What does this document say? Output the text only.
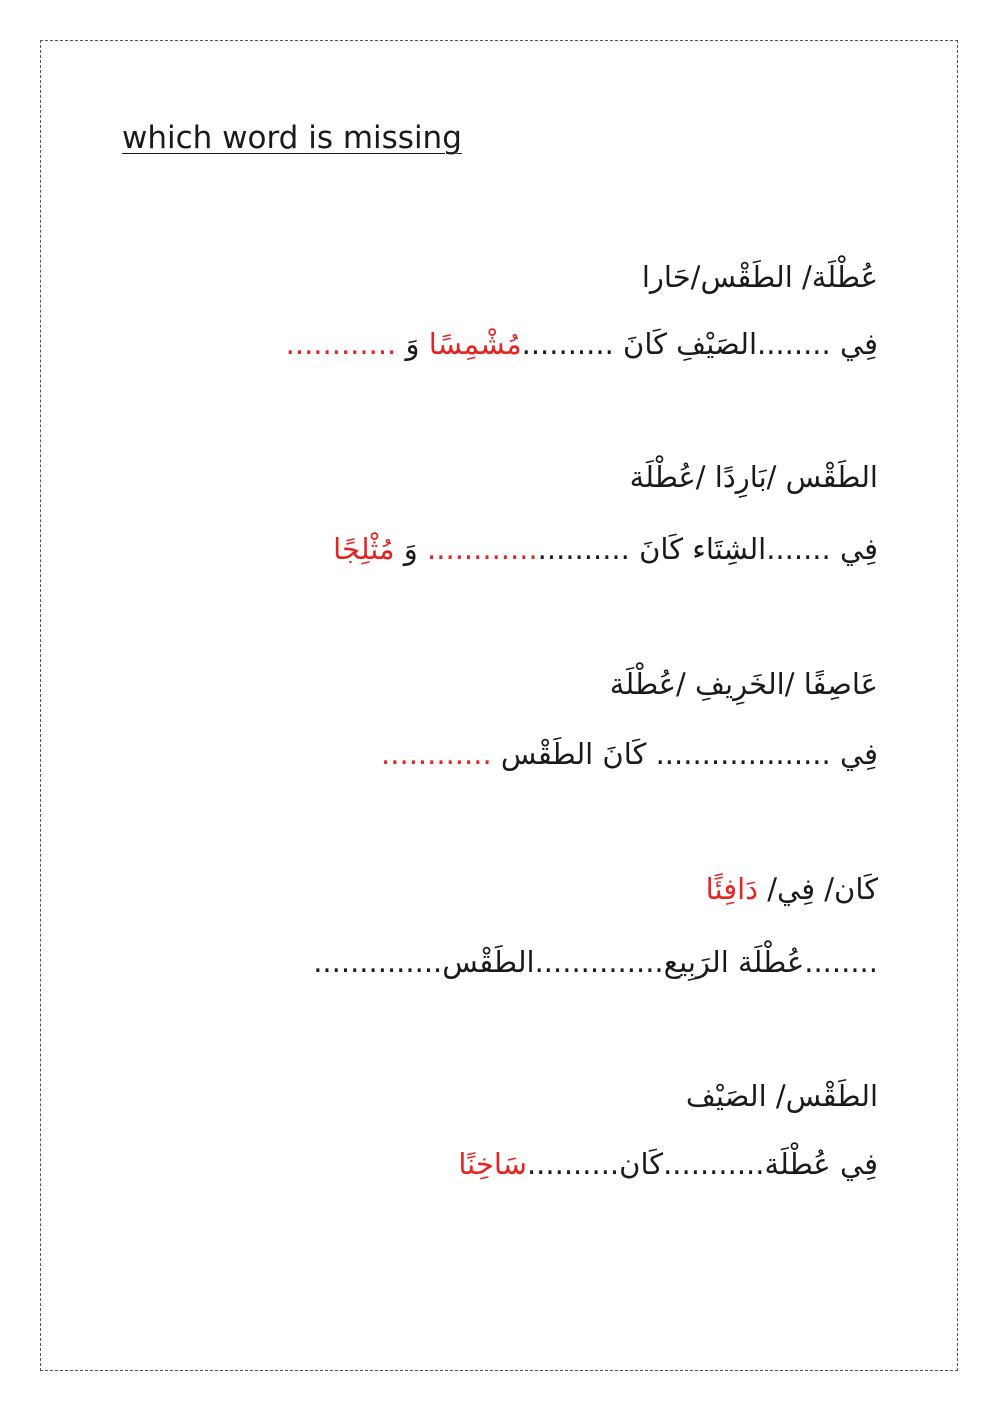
which word is missing
عُطْلَة/ الطَقْس/حَارا
فِي ........الصَيْفِ كَانَ ..........مُشْمِسًا وَ ............
الطَقْس /بَارِدًا /عُطْلَة
فِي .......الشِتَاء كَانَ ...................... وَ مُثْلِجًا
عَاصِفًا /الخَرِيفِ /عُطْلَة
فِي ................... كَانَ الطَقْس ............
كَان/ فِي/ دَافِئًا
........عُطْلَة الرَبِيع..............الطَقْس..............
الطَقْس/ الصَيْف
فِي عُطْلَة...........كَان..........سَاخِنًا
